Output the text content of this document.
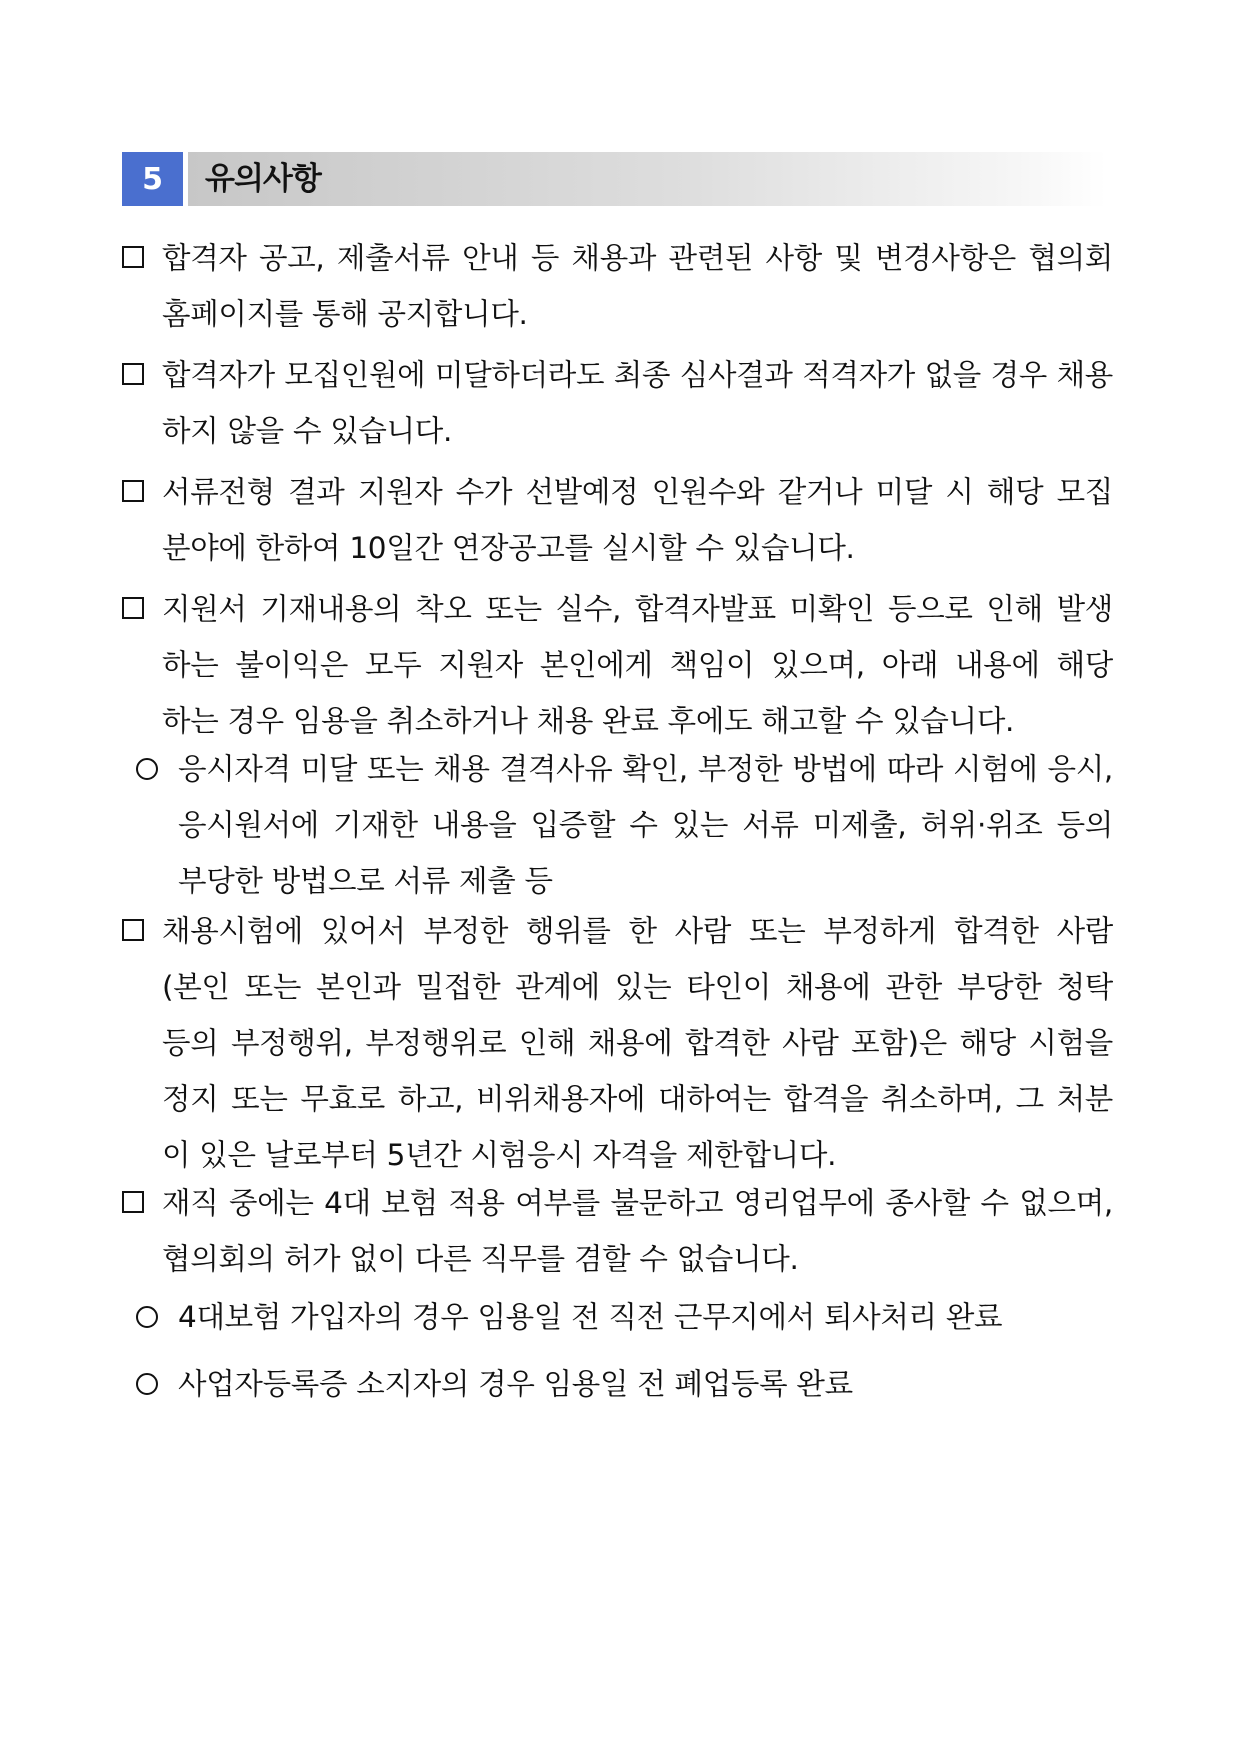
5	유의사항
합격자 공고, 제출서류 안내 등 채용과 관련된 사항 및 변경사항은 협의회
홈페이지를 통해 공지합니다.
합격자가 모집인원에 미달하더라도 최종 심사결과 적격자가 없을 경우 채용
하지 않을 수 있습니다.
서류전형 결과 지원자 수가 선발예정 인원수와 같거나 미달 시 해당 모집
분야에 한하여 10일간 연장공고를 실시할 수 있습니다.
지원서 기재내용의 착오 또는 실수, 합격자발표 미확인 등으로 인해 발생
하는 불이익은 모두 지원자 본인에게 책임이 있으며, 아래 내용에 해당
하는 경우 임용을 취소하거나 채용 완료 후에도 해고할 수 있습니다.
응시자격 미달 또는 채용 결격사유 확인, 부정한 방법에 따라 시험에 응시,
응시원서에 기재한 내용을 입증할 수 있는 서류 미제출, 허위·위조 등의
부당한 방법으로 서류 제출 등
채용시험에 있어서 부정한 행위를 한 사람 또는 부정하게 합격한 사람
(본인 또는 본인과 밀접한 관계에 있는 타인이 채용에 관한 부당한 청탁
등의 부정행위, 부정행위로 인해 채용에 합격한 사람 포함)은 해당 시험을
정지 또는 무효로 하고, 비위채용자에 대하여는 합격을 취소하며, 그 처분
이 있은 날로부터 5년간 시험응시 자격을 제한합니다.
재직 중에는 4대 보험 적용 여부를 불문하고 영리업무에 종사할 수 없으며,
협의회의 허가 없이 다른 직무를 겸할 수 없습니다.
4대보험 가입자의 경우 임용일 전 직전 근무지에서 퇴사처리 완료
사업자등록증 소지자의 경우 임용일 전 폐업등록 완료
